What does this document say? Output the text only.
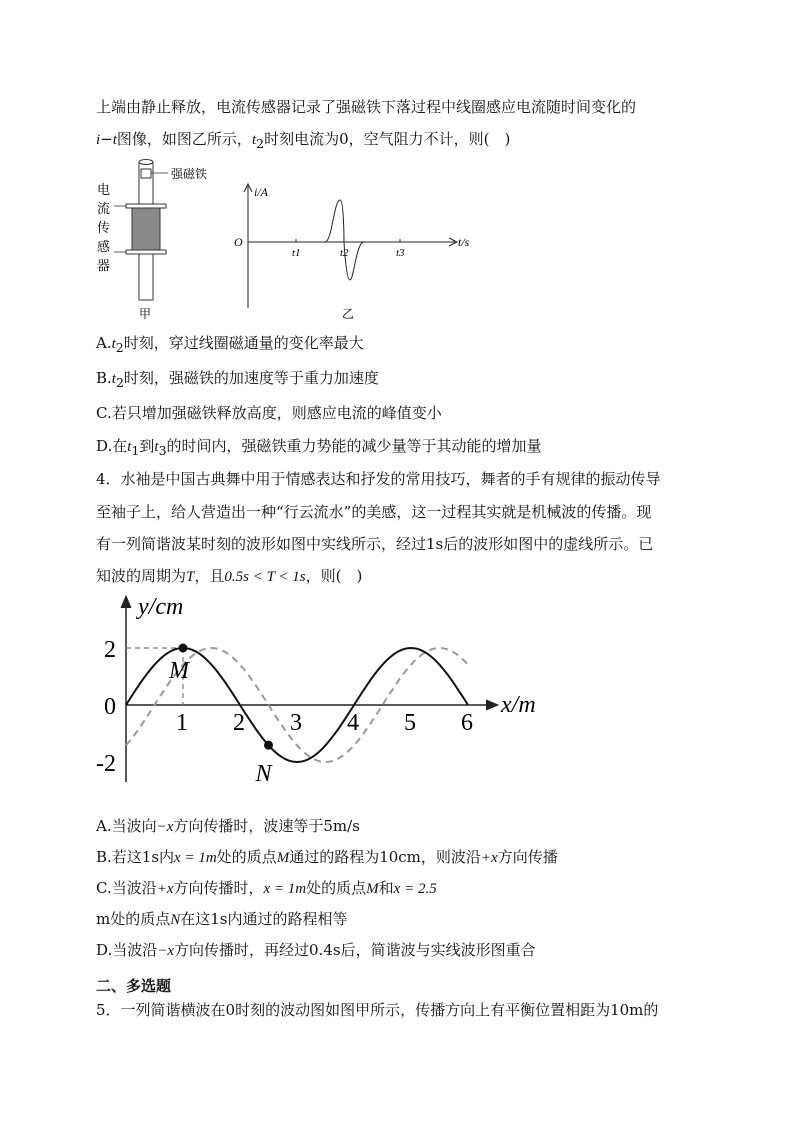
上端由静止释放，电流传感器记录了强磁铁下落过程中线圈感应电流随时间变化的
i−t图像，如图乙所示，$t_2$时刻电流为0，空气阻力不计，则(　)
强磁铁
电
流
传
感
器
甲
i/A
t/s
O
t1	t2	t3
乙
$A.t_2$时刻，穿过线圈磁通量的变化率最大
$B.t_2$时刻，强磁铁的加速度等于重力加速度
C.若只增加强磁铁释放高度，则感应电流的峰值变小
D.在$t_1$到$t_3$的时间内，强磁铁重力势能的减少量等于其动能的增加量
4．水袖是中国古典舞中用于情感表达和抒发的常用技巧，舞者的手有规律的振动传导
至袖子上，给人营造出一种“行云流水”的美感，这一过程其实就是机械波的传播。现
有一列简谐波某时刻的波形如图中实线所示，经过1s后的波形如图中的虚线所示。已
知波的周期为T，且0.5s < T < 1s，则(　)
y/cm
x/m
0
1 2 3 4 5 6
2
-2
M
N
A.当波向−x方向传播时，波速等于5m/s
B.若这1s内x = 1m处的质点M通过的路程为10cm，则波沿+x方向传播
C.当波沿+x方向传播时，x = 1m处的质点M和x = 2.5
m处的质点N在这1s内通过的路程相等
D.当波沿−x方向传播时，再经过0.4s后，简谐波与实线波形图重合
二、多选题
5．一列简谐横波在0时刻的波动图如图甲所示，传播方向上有平衡位置相距为10m的
